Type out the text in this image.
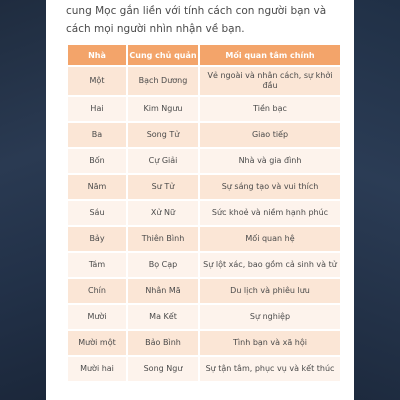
cung Mọc gắn liền với tính cách con người bạn và cách mọi người nhìn nhận về bạn.

Nhà	Cung chủ quản	Mối quan tâm chính
Một	Bạch Dương	Vẻ ngoài và nhân cách, sự khởi đầu
Hai	Kim Ngưu	Tiền bạc
Ba	Song Tử	Giao tiếp
Bốn	Cự Giải	Nhà và gia đình
Năm	Sư Tử	Sự sáng tạo và vui thích
Sáu	Xử Nữ	Sức khoẻ và niềm hạnh phúc
Bảy	Thiên Bình	Mối quan hệ
Tám	Bọ Cạp	Sự lột xác, bao gồm cả sinh và tử
Chín	Nhân Mã	Du lịch và phiêu lưu
Mười	Ma Kết	Sự nghiệp
Mười một	Bảo Bình	Tình bạn và xã hội
Mười hai	Song Ngư	Sự tận tâm, phục vụ và kết thúc
